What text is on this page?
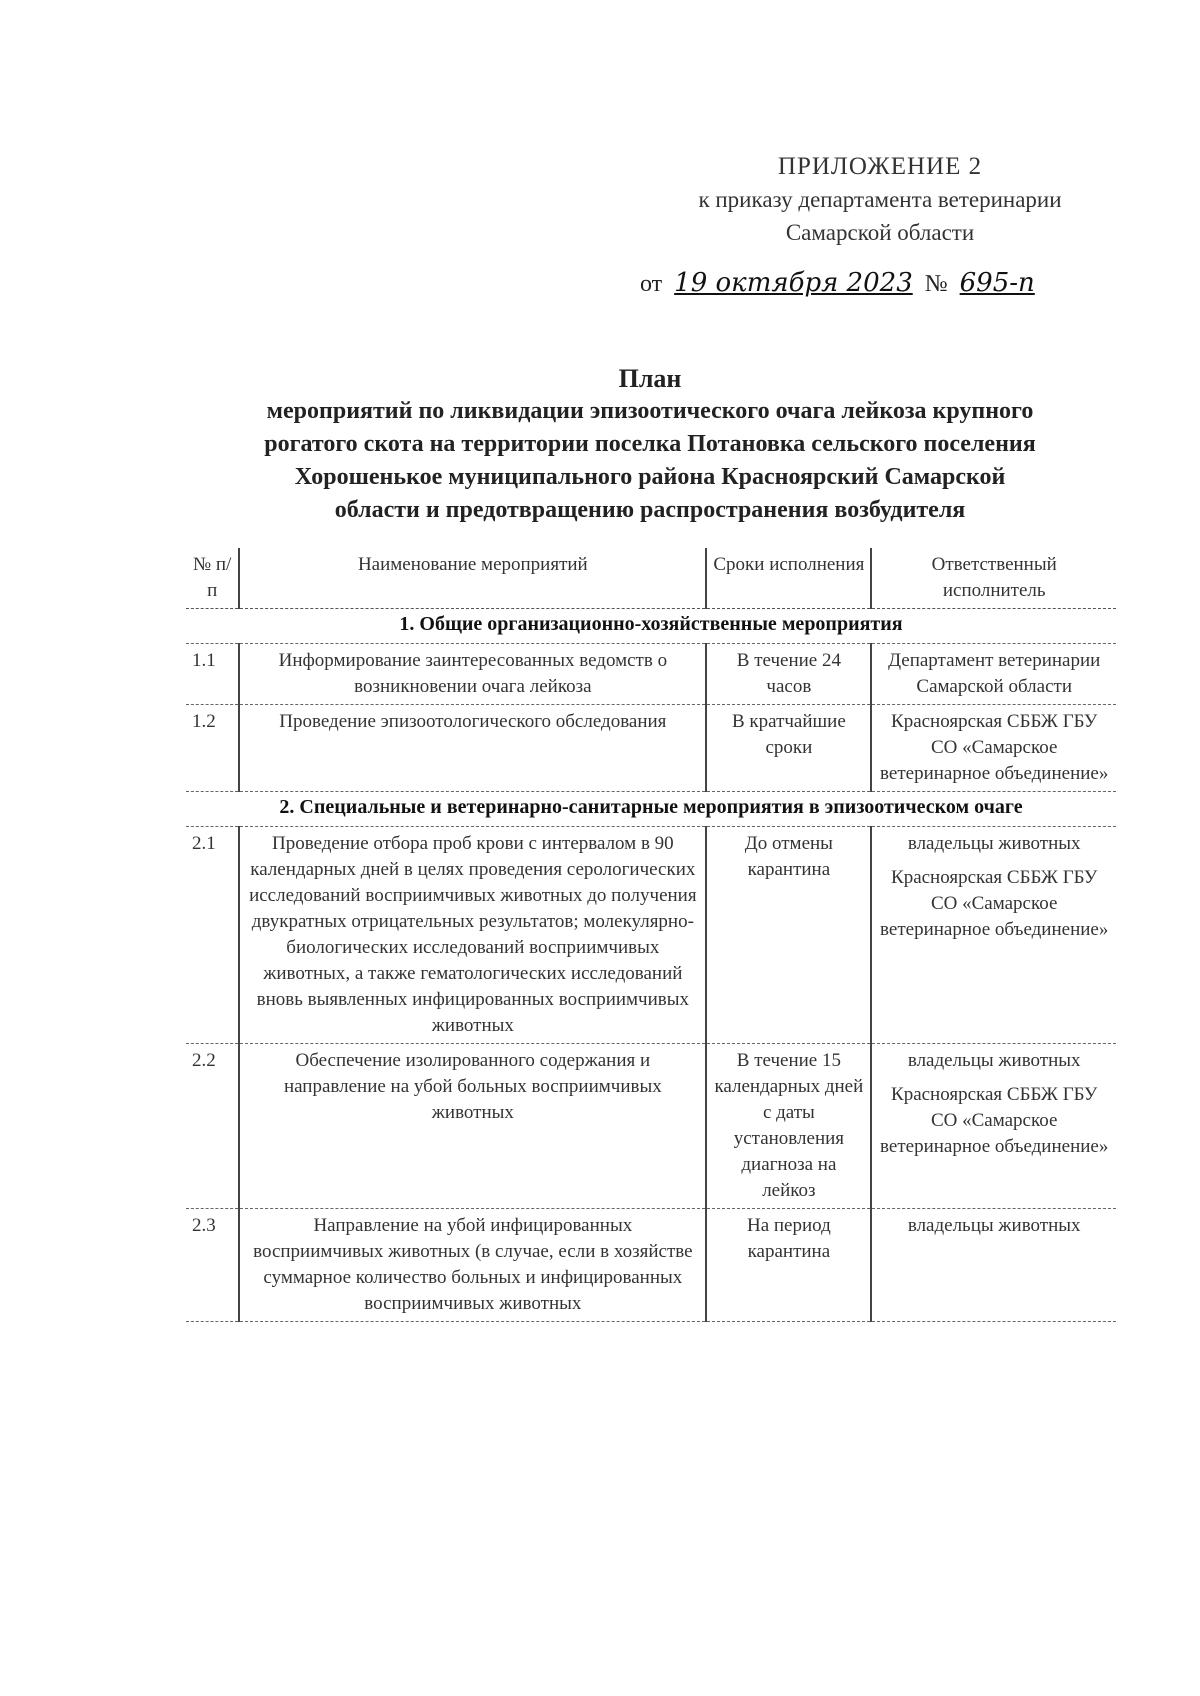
ПРИЛОЖЕНИЕ 2
к приказу департамента ветеринарии
Самарской области
от 19 октября 2023 № 695-п
План
мероприятий по ликвидации эпизоотического очага лейкоза крупного
рогатого скота на территории поселка Потановка сельского поселения
Хорошенькое муниципального района Красноярский Самарской
области и предотвращению распространения возбудителя
№ п/п	Наименование мероприятий	Сроки исполнения	Ответственный исполнитель
1. Общие организационно-хозяйственные мероприятия			
1.1	Информирование заинтересованных ведомств о возникновении очага лейкоза	В течение 24 часов	Департамент ветеринарии Самарской области
1.2	Проведение эпизоотологического обследования	В кратчайшие сроки	Красноярская СББЖ ГБУ СО «Самарское ветеринарное объединение»
2. Специальные и ветеринарно-санитарные мероприятия в эпизоотическом очаге			
2.1	Проведение отбора проб крови с интервалом в 90 календарных дней в целях проведения серологических исследований восприимчивых животных до получения двукратных отрицательных результатов; молекулярно-биологических исследований восприимчивых животных, а также гематологических исследований вновь выявленных инфицированных восприимчивых животных	До отмены карантина	владельцы животных
Красноярская СББЖ ГБУ СО «Самарское ветеринарное объединение»

2.2	Обеспечение изолированного содержания и направление на убой больных восприимчивых животных	В течение 15 календарных дней с даты установления диагноза на лейкоз	владельцы животных
Красноярская СББЖ ГБУ СО «Самарское ветеринарное объединение»

2.3	Направление на убой инфицированных восприимчивых животных (в случае, если в хозяйстве суммарное количество больных и инфицированных восприимчивых животных	На период карантина	владельцы животных
